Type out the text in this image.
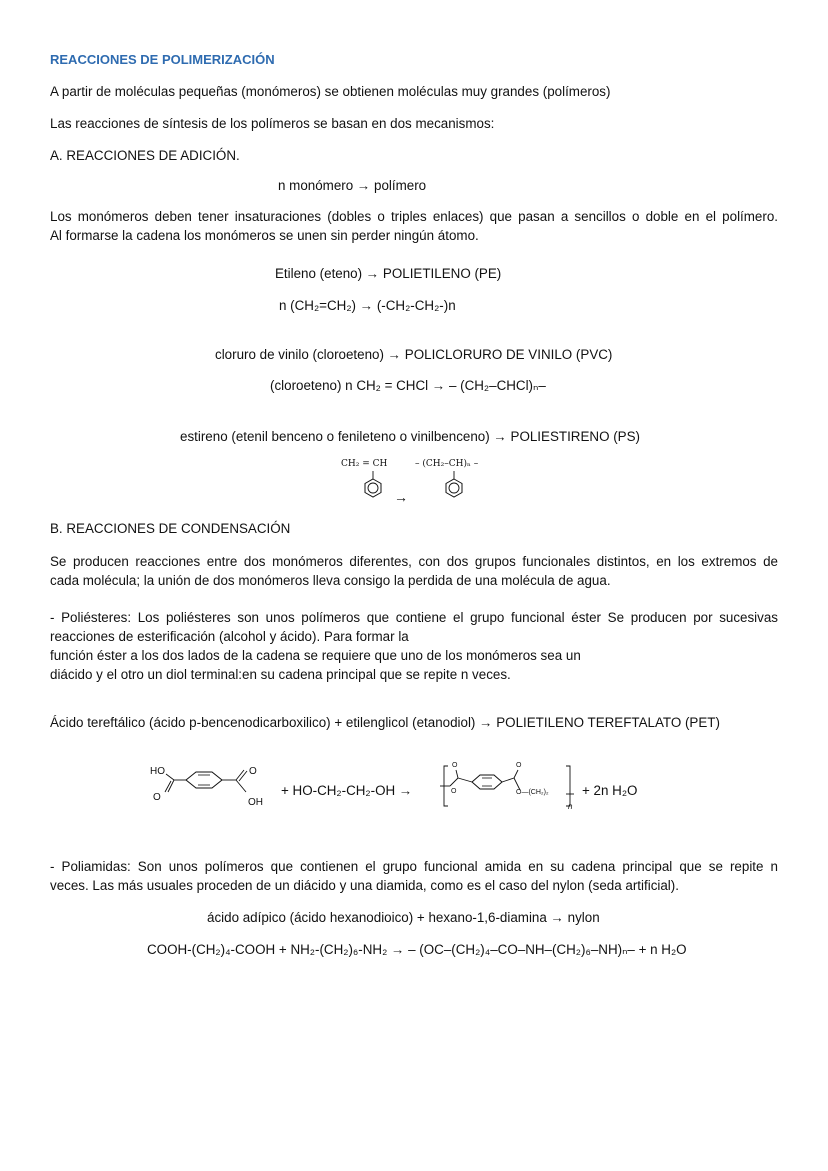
REACCIONES DE POLIMERIZACIÓN
A partir de moléculas pequeñas (monómeros) se obtienen moléculas muy grandes (polímeros)
Las reacciones de síntesis de los polímeros se basan en dos mecanismos:
A. REACCIONES DE ADICIÓN.
n monómero → polímero
Los monómeros deben tener insaturaciones (dobles o triples enlaces) que pasan a sencillos o doble en el polímero.
Al formarse la cadena los monómeros se unen sin perder ningún átomo.
Etileno (eteno) → POLIETILENO (PE)
n (CH₂=CH₂) → (-CH₂-CH₂-)n
cloruro de vinilo (cloroeteno) → POLICLORURO DE VINILO (PVC)
(cloroeteno) n CH₂ = CHCl → – (CH₂–CHCl)ₙ–
estireno (etenil benceno o fenileteno o vinilbenceno) → POLIESTIRENO (PS)
CH₂ = CH	– (CH₂–CH)ₙ –
→
B. REACCIONES DE CONDENSACIÓN
Se producen reacciones entre dos monómeros diferentes, con dos grupos funcionales distintos, en los extremos de
cada molécula; la unión de dos monómeros lleva consigo la perdida de una molécula de agua.
- Poliésteres: Los poliésteres son unos polímeros que contiene el grupo funcional éster Se producen por sucesivas
reacciones de esterificación (alcohol y ácido). Para formar la
función éster a los dos lados de la cadena se requiere que uno de los monómeros sea un
diácido y el otro un diol terminal:en su cadena principal que se repite n veces.
Ácido tereftálico (ácido p-bencenodicarboxilico) + etilenglicol (etanodiol) → POLIETILENO TEREFTALATO (PET)
HO	O
O	OH
+ HO-CH₂-CH₂-OH →
O
O
O
O—(CH₂)₂
n
+ 2n H₂O
- Poliamidas: Son unos polímeros que contienen el grupo funcional amida en su cadena principal que se repite n
veces. Las más usuales proceden de un diácido y una diamida, como es el caso del nylon (seda artificial).
ácido adípico (ácido hexanodioico) + hexano-1,6-diamina → nylon
COOH-(CH₂)₄-COOH + NH₂-(CH₂)₆-NH₂ → – (OC–(CH₂)₄–CO–NH–(CH₂)₆–NH)ₙ– + n H₂O
